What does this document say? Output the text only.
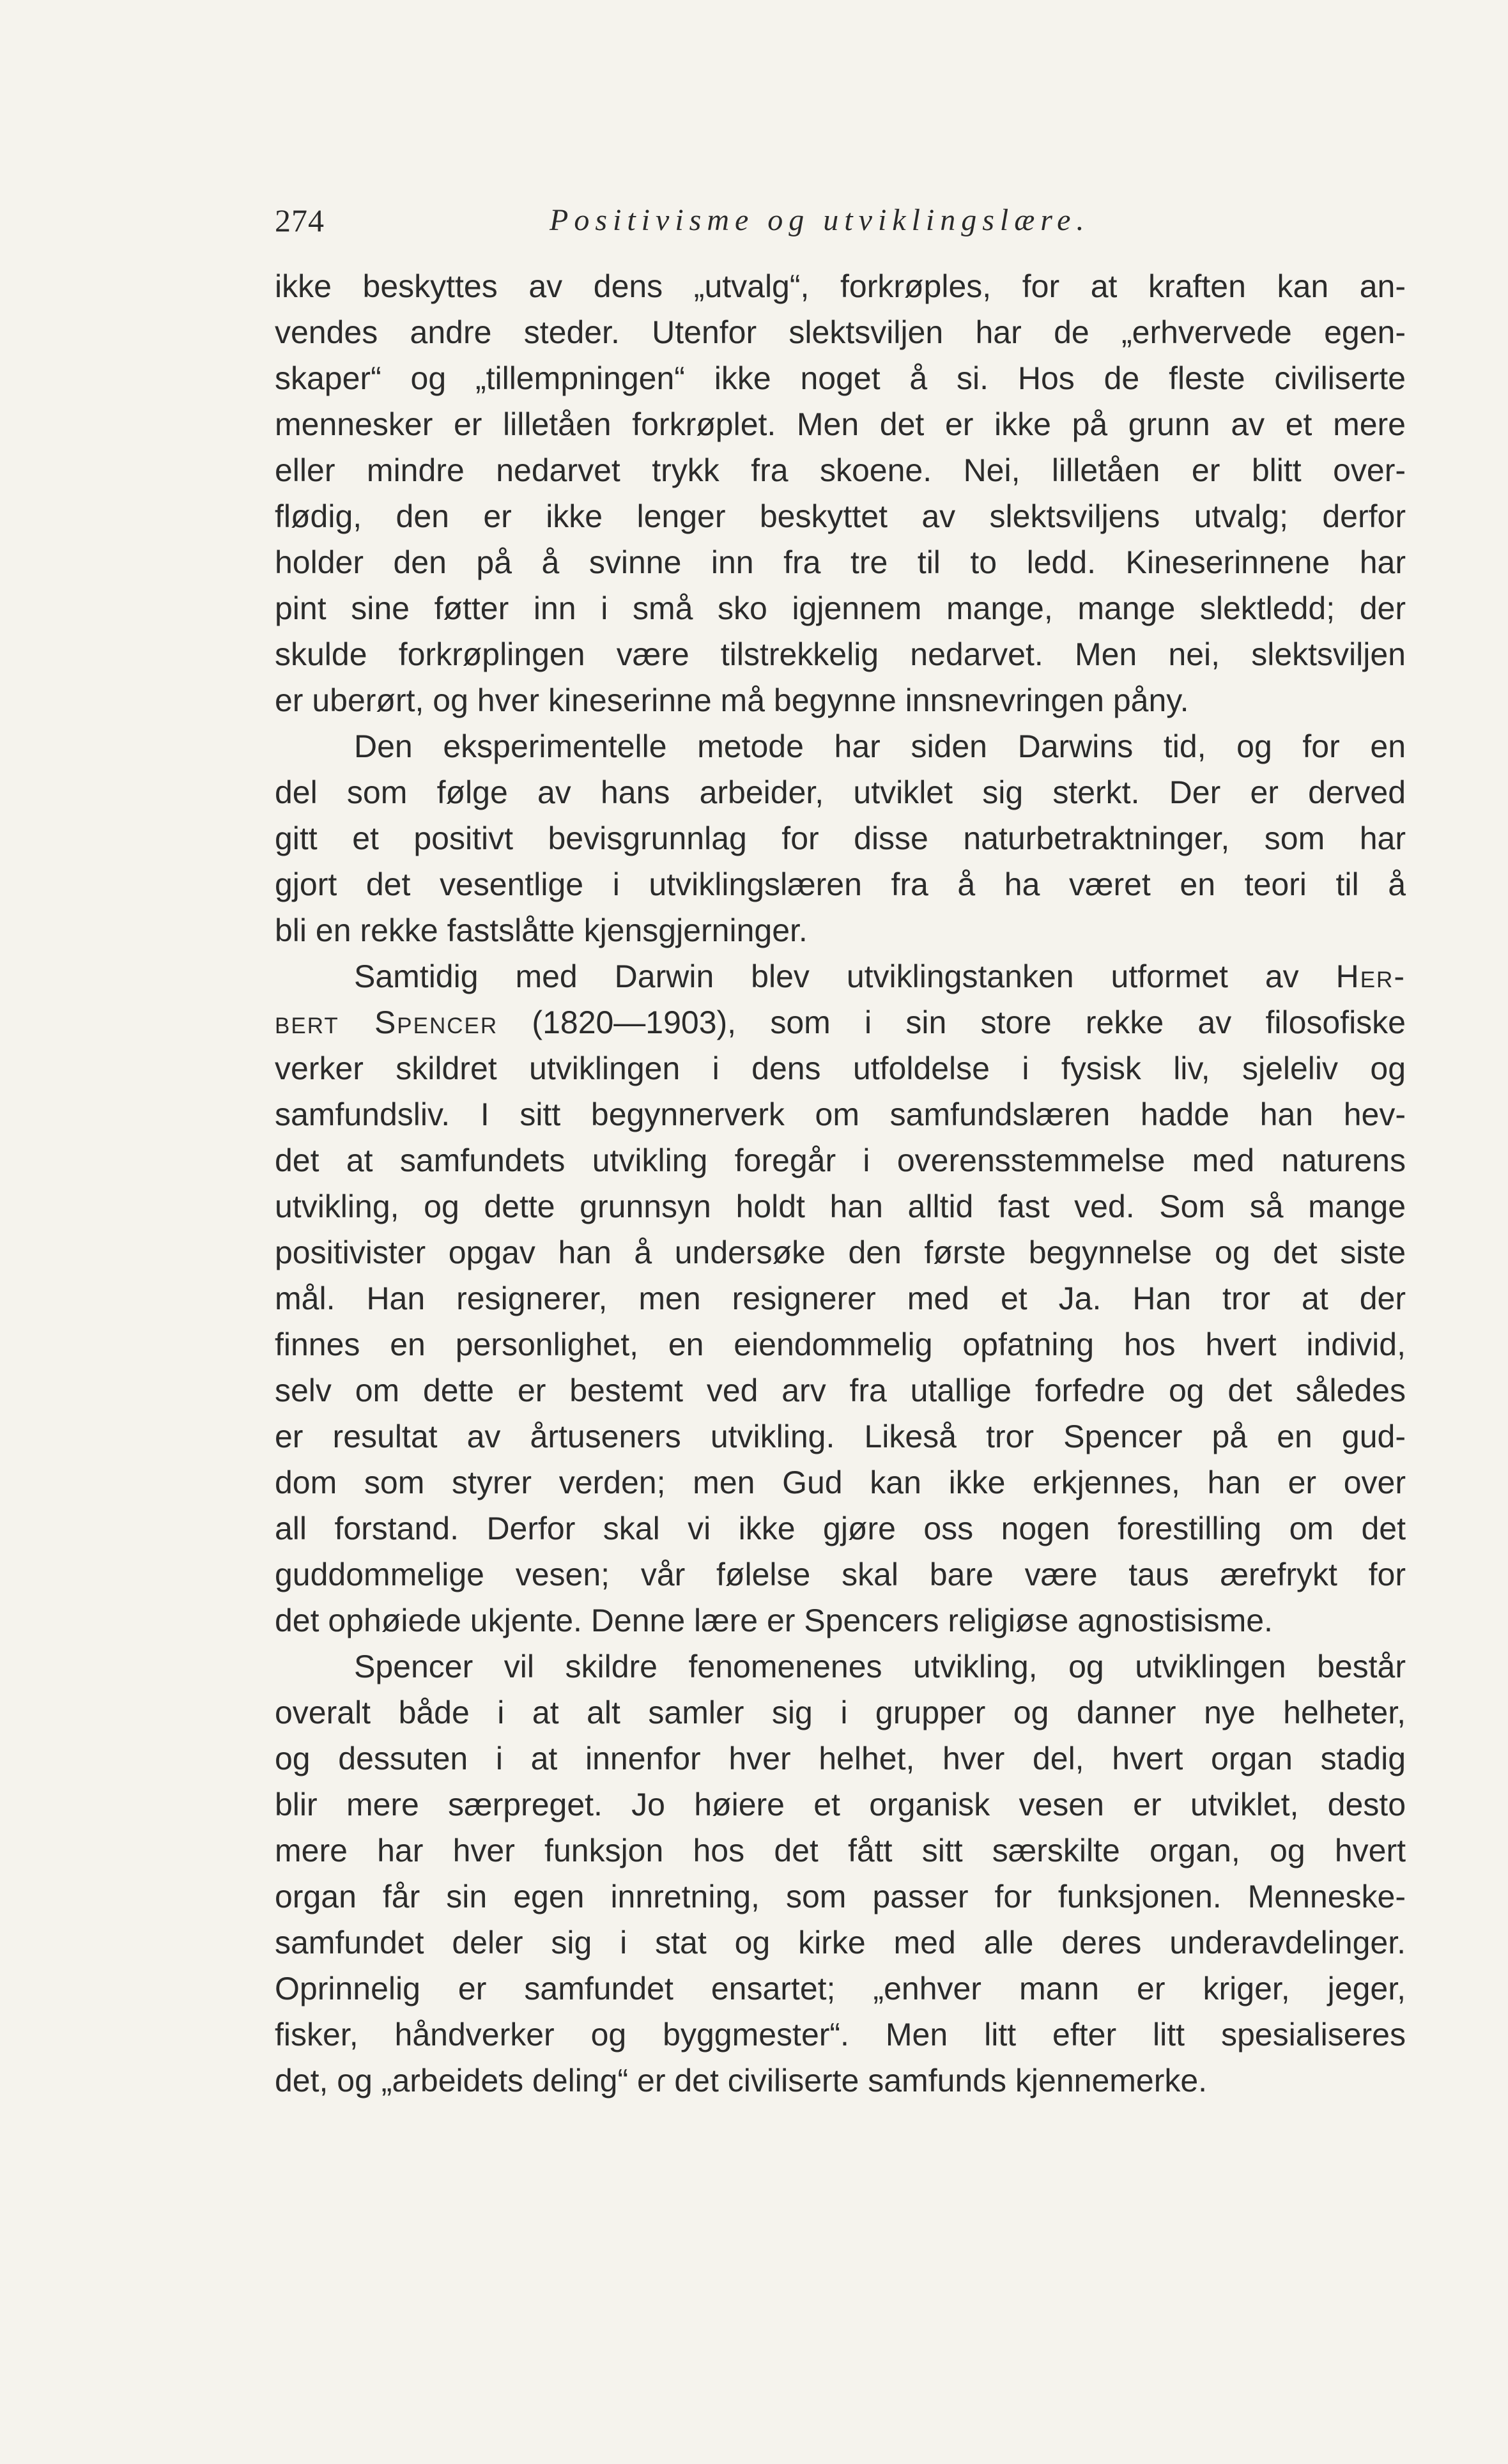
274	Positivisme og utviklingslære.

ikke beskyttes av dens „utvalg“, forkrøples, for at kraften kan an-

vendes andre steder. Utenfor slektsviljen har de „erhvervede egen-

skaper“ og „tillempningen“ ikke noget å si. Hos de fleste civiliserte

mennesker er lilletåen forkrøplet. Men det er ikke på grunn av et mere

eller mindre nedarvet trykk fra skoene. Nei, lilletåen er blitt over-

flødig, den er ikke lenger beskyttet av slektsviljens utvalg; derfor

holder den på å svinne inn fra tre til to ledd. Kineserinnene har

pint sine føtter inn i små sko igjennem mange, mange slektledd; der

skulde forkrøplingen være tilstrekkelig nedarvet. Men nei, slektsviljen

er uberørt, og hver kineserinne må begynne innsnevringen påny.

Den eksperimentelle metode har siden Darwins tid, og for en

del som følge av hans arbeider, utviklet sig sterkt. Der er derved

gitt et positivt bevisgrunnlag for disse naturbetraktninger, som har

gjort det vesentlige i utviklingslæren fra å ha været en teori til å

bli en rekke fastslåtte kjensgjerninger.

Samtidig med Darwin blev utviklingstanken utformet av Her-

bert Spencer (1820—1903), som i sin store rekke av filosofiske

verker skildret utviklingen i dens utfoldelse i fysisk liv, sjeleliv og

samfundsliv. I sitt begynnerverk om samfundslæren hadde han hev-

det at samfundets utvikling foregår i overensstemmelse med naturens

utvikling, og dette grunnsyn holdt han alltid fast ved. Som så mange

positivister opgav han å undersøke den første begynnelse og det siste

mål. Han resignerer, men resignerer med et Ja. Han tror at der

finnes en personlighet, en eiendommelig opfatning hos hvert individ,

selv om dette er bestemt ved arv fra utallige forfedre og det således

er resultat av årtuseners utvikling. Likeså tror Spencer på en gud-

dom som styrer verden; men Gud kan ikke erkjennes, han er over

all forstand. Derfor skal vi ikke gjøre oss nogen forestilling om det

guddommelige vesen; vår følelse skal bare være taus ærefrykt for

det ophøiede ukjente. Denne lære er Spencers religiøse agnostisisme.

Spencer vil skildre fenomenenes utvikling, og utviklingen består

overalt både i at alt samler sig i grupper og danner nye helheter,

og dessuten i at innenfor hver helhet, hver del, hvert organ stadig

blir mere særpreget. Jo høiere et organisk vesen er utviklet, desto

mere har hver funksjon hos det fått sitt særskilte organ, og hvert

organ får sin egen innretning, som passer for funksjonen. Menneske-

samfundet deler sig i stat og kirke med alle deres underavdelinger.

Oprinnelig er samfundet ensartet; „enhver mann er kriger, jeger,

fisker, håndverker og byggmester“. Men litt efter litt spesialiseres

det, og „arbeidets deling“ er det civiliserte samfunds kjennemerke.
